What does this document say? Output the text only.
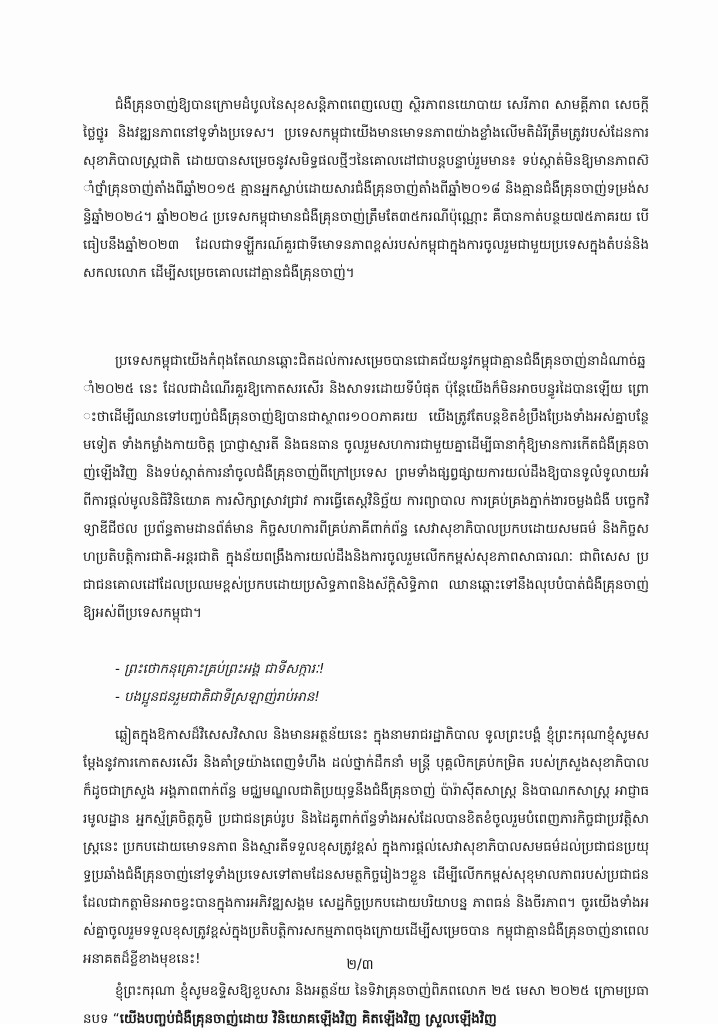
ជំងឺគ្រុនចាញ់ឱ្យបានក្រោមដំបូលនៃសុខសន្តិភាពពេញលេញ ស្ថិរភាពនយោបាយ សេរីភាព សាមគ្គីភាព សេចក្តីថ្លៃថ្នូរ និងវឌ្ឍនភាពនៅទូទាំងប្រទេស។ ប្រទេសកម្ពុជាយើងមានមោទនភាពយ៉ាងខ្លាំងលើមតិដំរីត្រឹមត្រូវរបស់ដែនការសុខាភិបាលស្រ្តជាតិ ដោយបានសម្រេចនូវសមិទ្ធផលថ្មីៗនៃគោលដៅជាបន្តបន្ទាប់រួមមាន៖ ទប់ស្កាត់មិនឱ្យមានភាពស៊ាំថ្នាំគ្រុនចាញ់តាំងពីឆ្នាំ២០១៥ គ្មានអ្នកស្លាប់ដោយសារជំងឺគ្រុនចាញ់តាំងពីឆ្នាំ២០១៨ និងគ្មានជំងឺគ្រុនចាញ់ទម្រង់សន្ធិឆ្នាំ២០២៤។ ឆ្នាំ២០២៤ ប្រទេសកម្ពុជាមានជំងឺគ្រុនចាញ់ត្រឹមតែ៣៥ករណីប៉ុណ្ណោះ គឺបានកាត់បន្ថយ៧៥ភាគរយ បើធៀបនឹងឆ្នាំ២០២៣ ដែលជាទឡ្ហីករណ៍គួរជាទីមោទនភាពខ្ពស់របស់កម្ពុជាក្នុងការចូលរួមជាមួយប្រទេសក្នុងតំបន់និងសកលលោក ដើម្បីសម្រេចគោលដៅគ្មានជំងឺគ្រុនចាញ់។

ប្រទេសកម្ពុជាយើងកំពុងតែឈានឆ្ពោះជិតដល់ការសម្រេចបានជោគជ័យនូវកម្ពុជាគ្មានជំងឺគ្រុនចាញ់នាដំណាច់ឆ្នាំ២០២៥ នេះ ដែលជាដំណើរគួរឱ្យកោតសរសើរ និងសាទរដោយទីបំផុត ប៉ុន្តែយើងក៏មិនអាចបន្ធូរដៃបានឡើយ ព្រោះថាដើម្បីឈានទៅបញ្ចប់ជំងឺគ្រុនចាញ់ឱ្យបានជាស្ថាពរ១០០ភាគរយ យើងត្រូវតែបន្តខិតខំប្រឹងប្រែងទាំងអស់គ្នាបន្ថែមទៀត ទាំងកម្លាំងកាយចិត្ត ប្រាជ្ញាស្មារតី និងធនធាន ចូលរួមសហការជាមួយគ្នាដើម្បីធានាកុំឱ្យមានការកើតជំងឺគ្រុនចាញ់ឡើងវិញ និងទប់ស្កាត់ការនាំចូលជំងឺគ្រុនចាញ់ពីក្រៅប្រទេស ព្រមទាំងផ្សព្វផ្សាយការយល់ដឹងឱ្យបានទូលំទូលាយអំពីការផ្តល់មូលនិធិវិនិយោគ ការសិក្សាស្រាវជ្រាវ ការធ្វើតេស្តវិនិច្ឆ័យ ការព្យាបាល ការគ្រប់គ្រងភ្នាក់ងារចម្លងជំងឺ បច្ចេកវិទ្យាឌីជីថល ប្រព័ន្ធតាមដានព័ត៌មាន កិច្ចសហការពីគ្រប់ភាគីពាក់ព័ន្ធ សេវាសុខាភិបាលប្រកបដោយសមធម៌ និងកិច្ចសហប្រតិបត្តិការជាតិ-អន្តរជាតិ ក្នុងន័យពង្រឹងការយល់ដឹងនិងការចូលរួមលើកកម្ពស់សុខភាពសាធារណៈ ជាពិសេស ប្រជាជនគោលដៅដែលប្រឈមខ្ពស់ប្រកបដោយប្រសិទ្ធភាពនិងស័ក្តិសិទ្ធិភាព ឈានឆ្ពោះទៅនឹងលុបបំបាត់ជំងឺគ្រុនចាញ់ឱ្យអស់ពីប្រទេសកម្ពុជា។

- ព្រះថោកនុគ្រោះគ្រប់ព្រះអង្គ ជាទីសក្ការៈ!

- បងប្អូនជនរួមជាតិជាទីស្រឡាញ់រាប់អាន!

ឆ្លៀតក្នុងឱកាសដ៏វិសេសវិសាល និងមានអត្ថន័យនេះ ក្នុងនាមរាជរដ្ឋាភិបាល ទូលព្រះបង្គំ ខ្ញុំព្រះករុណាខ្ញុំសូមសម្តែងនូវការកោតសរសើរ និងគាំទ្រយ៉ាងពេញទំហឹង ដល់ថ្នាក់ដឹកនាំ មន្រ្តី បុគ្គលិកគ្រប់កម្រិត របស់ក្រសួងសុខាភិបាល ក៏ដូចជាក្រសួង អង្គភាពពាក់ព័ន្ធ មជ្ឈមណ្ឌលជាតិប្រយុទ្ធនឹងជំងឺគ្រុនចាញ់ ប៉ារ៉ាស៊ីតសាស្រ្ត និងបាណកសាស្រ្ត អាជ្ញាធរមូលដ្ឋាន អ្នកស្ម័គ្រចិត្តភូមិ ប្រជាជនគ្រប់រូប និងដៃគូពាក់ព័ន្ធទាំងអស់ដែលបានខិតខំចូលរួមបំពេញភារកិច្ចជាប្រវត្តិសាស្ត្រនេះ ប្រកបដោយមោទនភាព និងស្មារតីទទួលខុសត្រូវខ្ពស់ ក្នុងការផ្តល់សេវាសុខាភិបាលសមធម៌ដល់ប្រជាជនប្រយុទ្ធប្រឆាំងជំងឺគ្រុនចាញ់នៅទូទាំងប្រទេសទៅតាមដែនសមត្ថកិច្ចរៀងៗខ្លួន ដើម្បីលើកកម្ពស់សុខុមាលភាពរបស់ប្រជាជន ដែលជាកត្តាមិនអាចខ្វះបានក្នុងការអភិវឌ្ឍសង្គម សេដ្ឋកិច្ចប្រកបដោយបរិយាបន្ន ភាពធន់ និងចីរភាព។ ចូរយើងទាំងអស់គ្នាចូលរួមទទួលខុសត្រូវខ្ពស់ក្នុងប្រតិបត្តិការសកម្មភាពចុងក្រោយដើម្បីសម្រេចបាន កម្ពុជាគ្មានជំងឺគ្រុនចាញ់នាពេលអនាគតដ៏ខ្លីខាងមុខនេះ!

ខ្ញុំព្រះករុណា ខ្ញុំសូមឧទ្ទិសឱ្យខួបសារ និងអត្ថន័យ នៃទិវាគ្រុនចាញ់ពិភពលោក ២៥ មេសា ២០២៥ ក្រោមប្រធានបទ “យើងបញ្ចប់ជំងឺគ្រុនចាញ់ដោយ វិនិយោគឡើងវិញ គិតឡើងវិញ ស្រួលឡើងវិញ

២/៣
